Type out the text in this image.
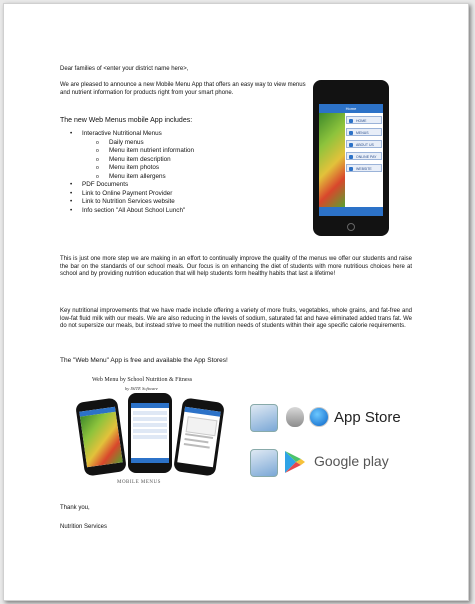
Dear families of <enter your district name here>,
We are pleased to announce a new Mobile Menu App that offers an easy way to view menus and nutrient information for products right from your smart phone.
The new Web Menus mobile App includes:
• Interactive Nutritional Menus
o Daily menus
o Menu item nutrient information
o Menu item description
o Menu item photos
o Menu item allergens
• PDF Documents
• Link to Online Payment Provider
• Link to Nutrition Services website
• Info section "All About School Lunch"
Home
HOME
MENUS
ABOUT US
ONLINE PAY
WEBSITE
This is just one more step we are making in an effort to continually improve the quality of the menus we offer our students and raise the bar on the standards of our school meals. Our focus is on enhancing the diet of students with more nutritious choices here at school and by providing nutrition education that will help students form healthy habits that last a lifetime!
Key nutritional improvements that we have made include offering a variety of more fruits, vegetables, whole grains, and fat-free and low-fat fluid milk with our meals. We are also reducing in the levels of sodium, saturated fat and have eliminated added trans fat. We do not supersize our meals, but instead strive to meet the nutrition needs of students within their age specific calorie requirements.
The "Web Menu" App is free and available the App Stores!
Web Menu by School Nutrition & Fitness
by ISITE Software
MOBILE MENUS
App Store
Google play
Thank you,
Nutrition Services
